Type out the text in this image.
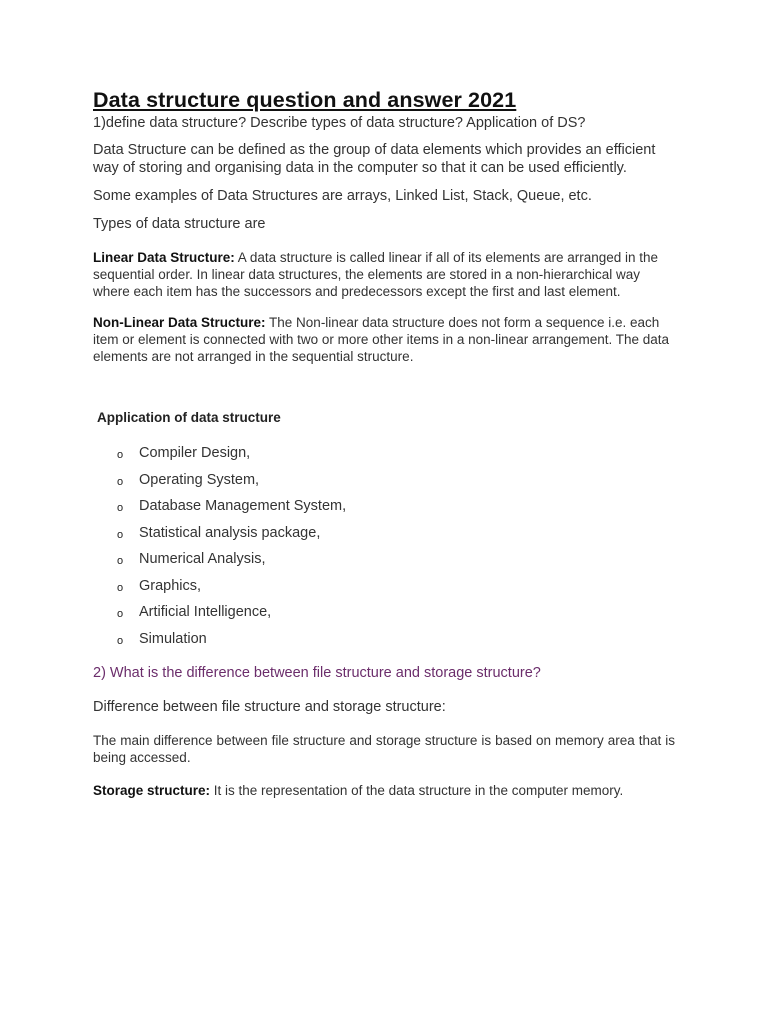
Data structure question and answer 2021

1)define data structure? Describe types of data structure? Application of DS?

Data Structure can be defined as the group of data elements which provides an efficient way of storing and organising data in the computer so that it can be used efficiently.

Some examples of Data Structures are arrays, Linked List, Stack, Queue, etc.

Types of data structure are

Linear Data Structure: A data structure is called linear if all of its elements are arranged in the sequential order. In linear data structures, the elements are stored in a non-hierarchical way where each item has the successors and predecessors except the first and last element.

Non-Linear Data Structure: The Non-linear data structure does not form a sequence i.e. each item or element is connected with two or more other items in a non-linear arrangement. The data elements are not arranged in the sequential structure.

Application of data structure
o	Compiler Design,
o	Operating System,
o	Database Management System,
o	Statistical analysis package,
o	Numerical Analysis,
o	Graphics,
o	Artificial Intelligence,
o	Simulation

2) What is the difference between file structure and storage structure?

Difference between file structure and storage structure:

The main difference between file structure and storage structure is based on memory area that is being accessed.

Storage structure: It is the representation of the data structure in the computer memory.
